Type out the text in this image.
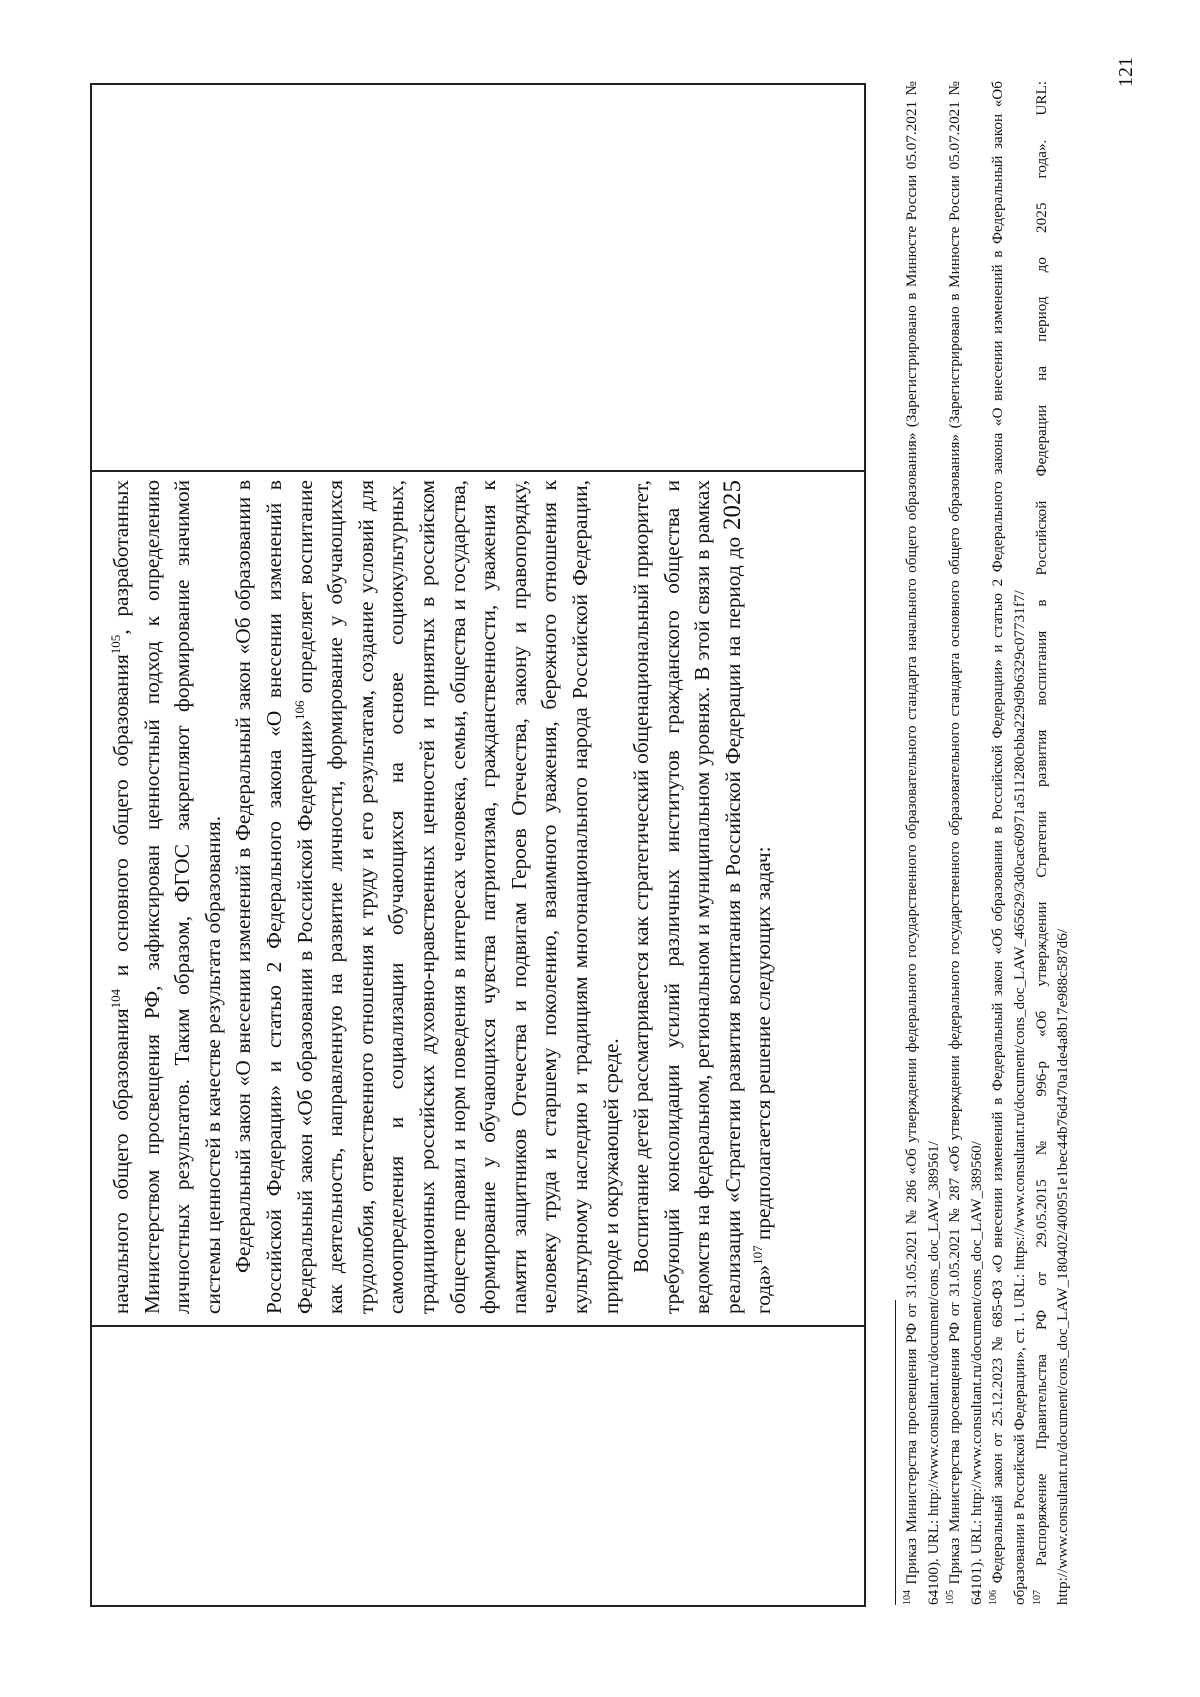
начального общего образования$^{104}$ и основного общего образования$^{105}$, разработанных Министерством просвещения РФ, зафиксирован ценностный подход к определению личностных результатов. Таким образом, ФГОС закрепляют формирование значимой системы ценностей в качестве результата образования. Федеральный закон «О внесении изменений в Федеральный закон «Об образовании в Российской Федерации» и статью 2 Федерального закона «О внесении изменений в Федеральный закон «Об образовании в Российской Федерации»$^{106}$ определяет воспитание как деятельность, направленную на развитие личности, формирование у обучающихся трудолюбия, ответственного отношения к труду и его результатам, создание условий для самоопределения и социализации обучающихся на основе социокультурных, традиционных российских духовно-нравственных ценностей и принятых в российском обществе правил и норм поведения в интересах человека, семьи, общества и государства, формирование у обучающихся чувства патриотизма, гражданственности, уважения к памяти защитников Отечества и подвигам Героев Отечества, закону и правопорядку, человеку труда и старшему поколению, взаимного уважения, бережного отношения к культурному наследию и традициям многонационального народа Российской Федерации, природе и окружающей среде. Воспитание детей рассматривается как стратегический общенациональный приоритет, требующий консолидации усилий различных институтов гражданского общества и ведомств на федеральном, региональном и муниципальном уровнях. В этой связи в рамках реализации «Стратегии развития воспитания в Российской Федерации на период до 2025 года»$^{107}$ предполагается решение следующих задач:

$^{104}$ Приказ Министерства просвещения РФ от 31.05.2021 № 286 «Об утверждении федерального государственного образовательного стандарта начального общего образования» (Зарегистрировано в Минюсте России 05.07.2021 № 64100). URL: http://www.consultant.ru/document/cons_doc_LAW_389561/ $^{105}$ Приказ Министерства просвещения РФ от 31.05.2021 № 287 «Об утверждении федерального государственного образовательного стандарта основного общего образования» (Зарегистрировано в Минюсте России 05.07.2021 № 64101). URL: http://www.consultant.ru/document/cons_doc_LAW_389560/ $^{106}$ Федеральный закон от 25.12.2023 № 685-ФЗ «О внесении изменений в Федеральный закон «Об образовании в Российской Федерации» и статью 2 Федерального закона «О внесении изменений в Федеральный закон «Об образовании в Российской Федерации», ст. 1. URL: https://www.consultant.ru/document/cons_doc_LAW_465629/3d0cac60971a511280cbba229d9b6329c07731f7/ $^{107}$ Распоряжение Правительства РФ от 29.05.2015 № 996-р «Об утверждении Стратегии развития воспитания в Российской Федерации на период до 2025 года». URL: http://www.consultant.ru/document/cons_doc_LAW_180402/400951e1bec44b76d470a1de4a8b17e988c587d6/

121
